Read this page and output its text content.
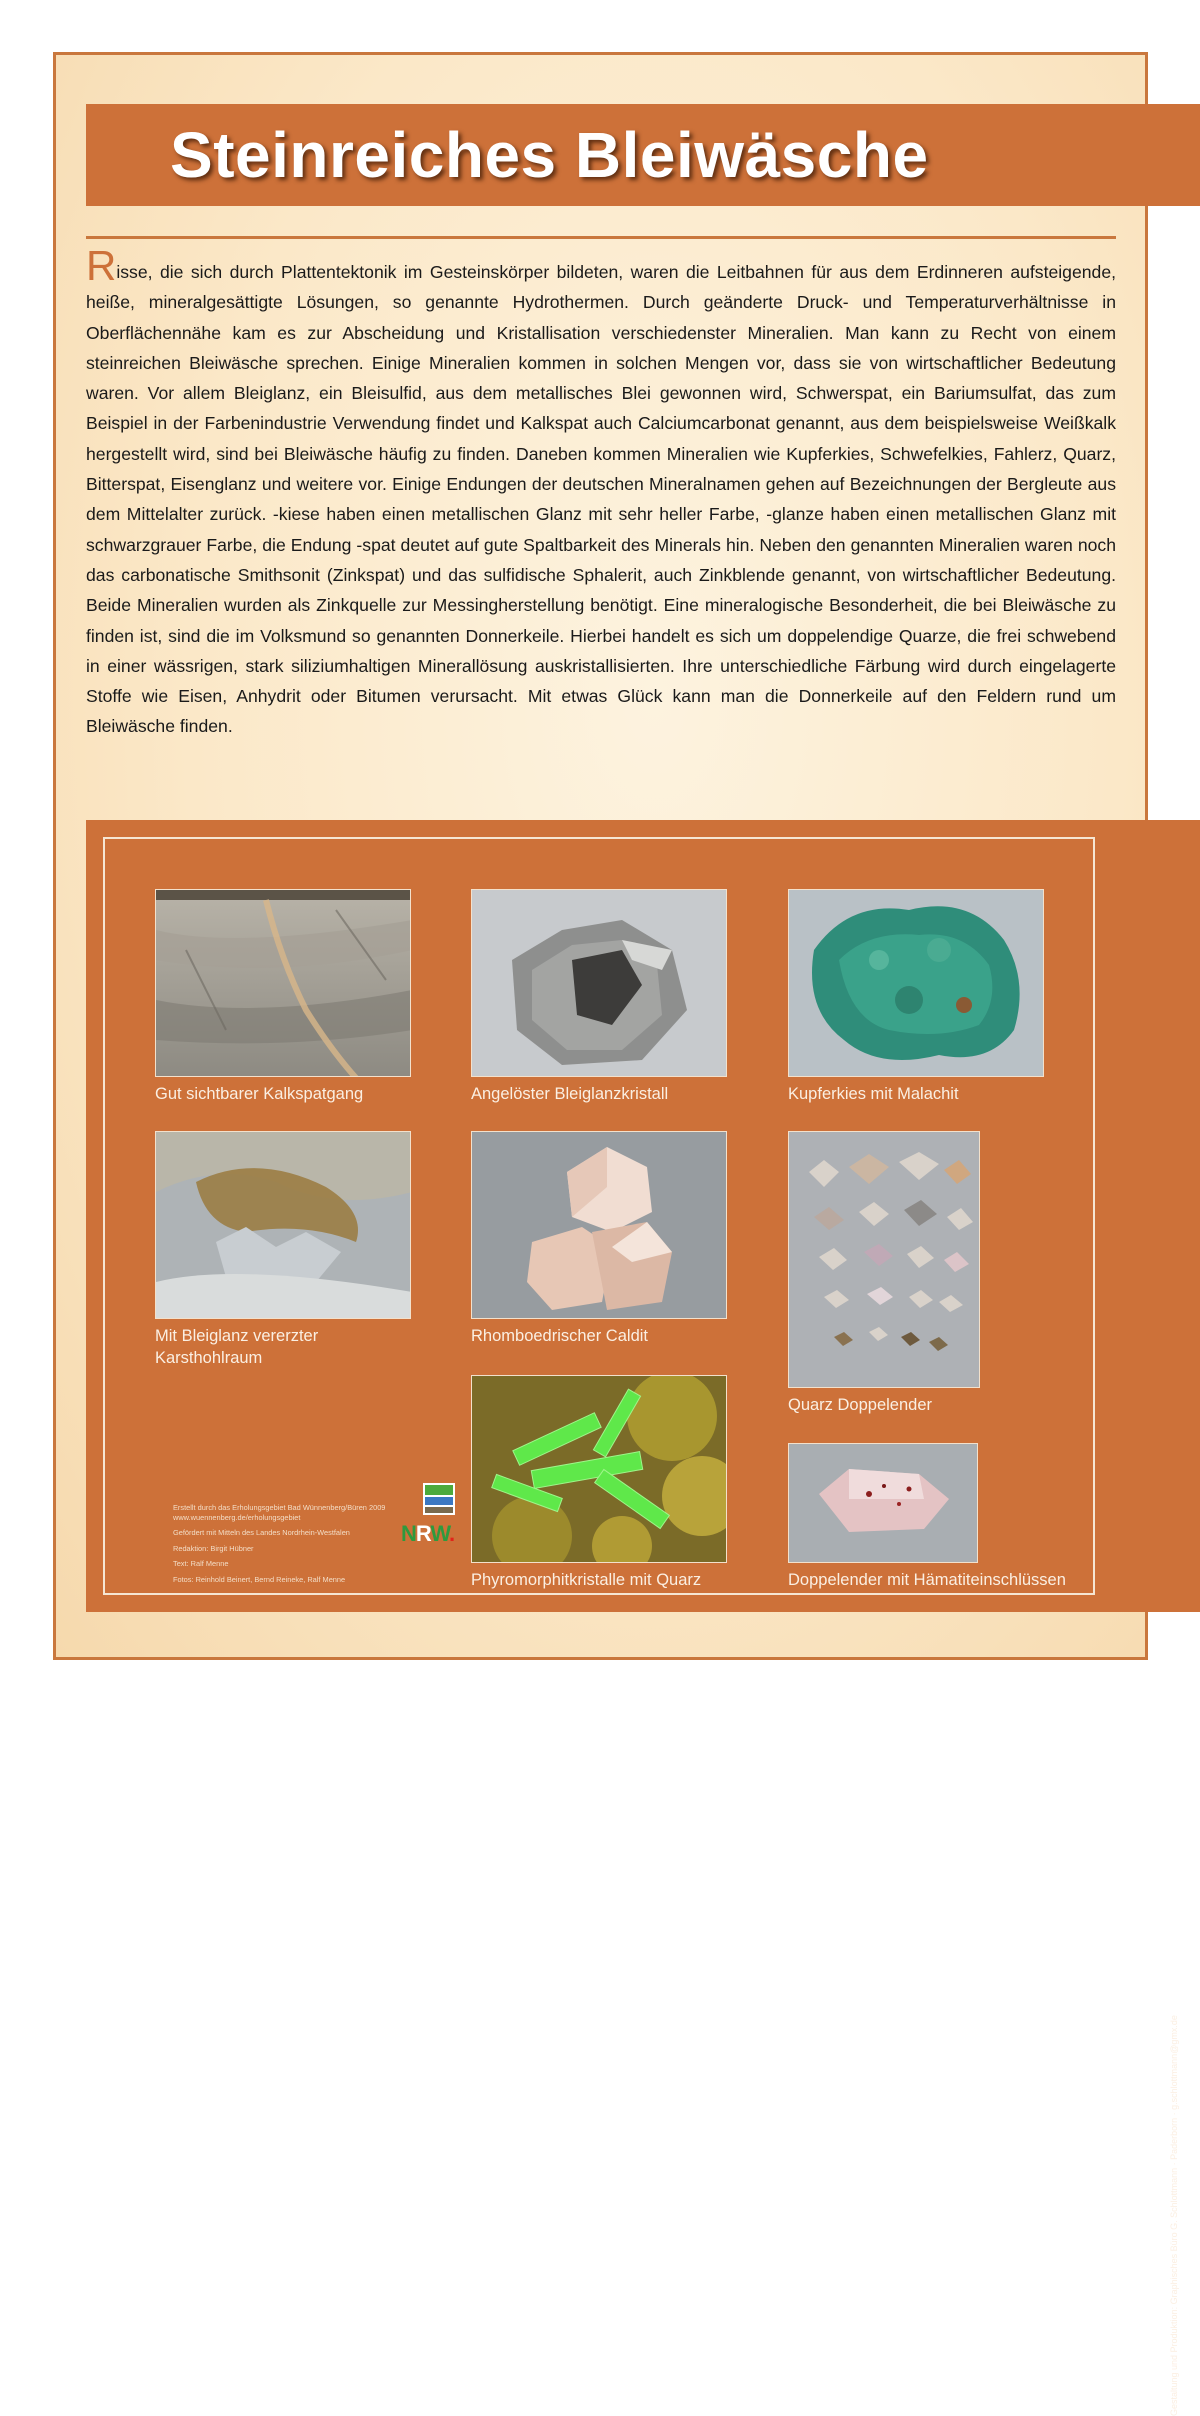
Steinreiches Bleiwäsche

Risse, die sich durch Plattentektonik im Gesteinskörper bildeten, waren die Leitbahnen für aus dem Erdinneren aufsteigende, heiße, mineralgesättigte Lösungen, so genannte Hydrothermen. Durch geänderte Druck- und Temperaturverhältnisse in Oberflächennähe kam es zur Abscheidung und Kristallisation verschiedenster Mineralien. Man kann zu Recht von einem steinreichen Bleiwäsche sprechen. Einige Mineralien kommen in solchen Mengen vor, dass sie von wirtschaftlicher Bedeutung waren. Vor allem Bleiglanz, ein Bleisulfid, aus dem metallisches Blei gewonnen wird, Schwerspat, ein Bariumsulfat, das zum Beispiel in der Farbenindustrie Verwendung findet und Kalkspat auch Calciumcarbonat genannt, aus dem beispielsweise Weißkalk hergestellt wird, sind bei Bleiwäsche häufig zu finden. Daneben kommen Mineralien wie Kupferkies, Schwefelkies, Fahlerz, Quarz, Bitterspat, Eisenglanz und weitere vor. Einige Endungen der deutschen Mineralnamen gehen auf Bezeichnungen der Bergleute aus dem Mittelalter zurück. -kiese haben einen metallischen Glanz mit sehr heller Farbe, -glanze haben einen metallischen Glanz mit schwarzgrauer Farbe, die Endung -spat deutet auf gute Spaltbarkeit des Minerals hin. Neben den genannten Mineralien waren noch das carbonatische Smithsonit (Zinkspat) und das sulfidische Sphalerit, auch Zinkblende genannt, von wirtschaftlicher Bedeutung. Beide Mineralien wurden als Zinkquelle zur Messingherstellung benötigt. Eine mineralogische Besonderheit, die bei Bleiwäsche zu finden ist, sind die im Volksmund so genannten Donnerkeile. Hierbei handelt es sich um doppelendige Quarze, die frei schwebend in einer wässrigen, stark siliziumhaltigen Minerallösung auskristallisierten. Ihre unterschiedliche Färbung wird durch eingelagerte Stoffe wie Eisen, Anhydrit oder Bitumen verursacht. Mit etwas Glück kann man die Donnerkeile auf den Feldern rund um Bleiwäsche finden.

Gut sichtbarer Kalkspatgang	Angelöster Bleiglanzkristall	Kupferkies mit Malachit
Mit Bleiglanz vererzter
Karsthohlraum
Rhomboedrischer Caldit
Quarz Doppelender
Phyromorphitkristalle mit Quarz	Doppelender mit Hämatiteinschlüssen
Erstellt durch das Erholungsgebiet Bad Wünnenberg/Büren 2009
www.wuennenberg.de/erholungsgebiet
Gefördert mit Mitteln des Landes Nordrhein-Westfalen
Redaktion: Birgit Hübner
Text: Ralf Menne
Fotos: Reinhold Beinert, Bernd Reineke, Ralf Menne
NRW.
Gestaltung und Produktion: Graphisches Büro G. Schlottmann · Paderborn · g.schlottmann@gmx.de
